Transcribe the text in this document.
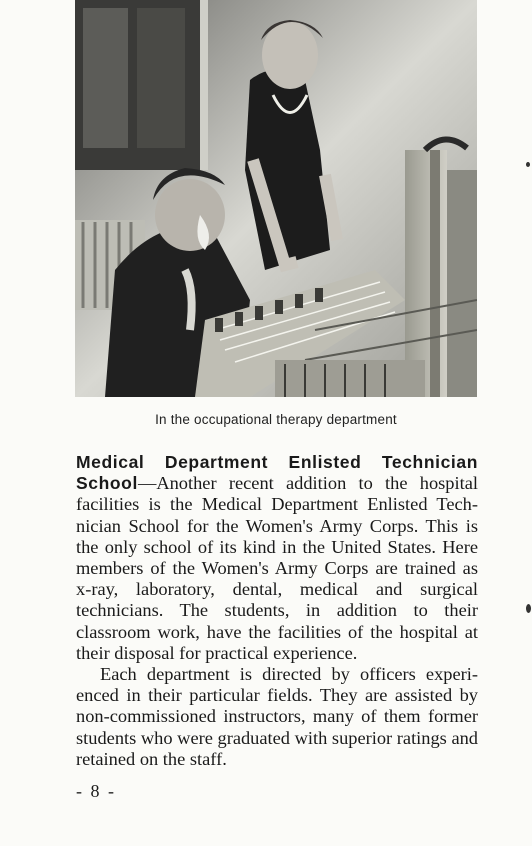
In the occupational therapy department

Medical Department Enlisted Technician School—Another recent addition to the hospital facilities is the Medical Department Enlisted Technician School for the Women's Army Corps. This is the only school of its kind in the United States. Here members of the Women's Army Corps are trained as x-ray, laboratory, dental, medical and surgical technicians. The students, in addition to their classroom work, have the facilities of the hospital at their disposal for practical experience.

Each department is directed by officers experienced in their particular fields. They are assisted by non-commissioned instructors, many of them former students who were graduated with superior ratings and retained on the staff.

- 8 -
